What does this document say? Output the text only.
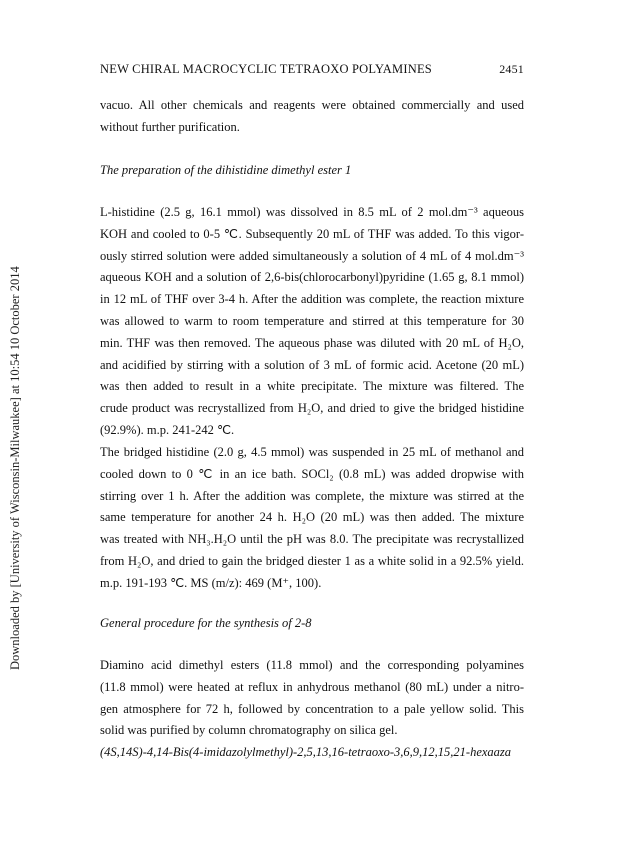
NEW CHIRAL MACROCYCLIC TETRAOXO POLYAMINES	2451
Downloaded by [University of Wisconsin-Milwaukee] at 10:54 10 October 2014
vacuo. All other chemicals and reagents were obtained commercially and used
without further purification.
The preparation of the dihistidine dimethyl ester 1
L-histidine (2.5 g, 16.1 mmol) was dissolved in 8.5 mL of 2 mol.dm⁻³ aqueous
KOH and cooled to 0-5 ℃. Subsequently 20 mL of THF was added. To this vigor-
ously stirred solution were added simultaneously a solution of 4 mL of 4 mol.dm⁻³
aqueous KOH and a solution of 2,6-bis(chlorocarbonyl)pyridine (1.65 g, 8.1 mmol)
in 12 mL of THF over 3-4 h. After the addition was complete, the reaction mixture
was allowed to warm to room temperature and stirred at this temperature for 30
min. THF was then removed. The aqueous phase was diluted with 20 mL of H₂O,
and acidified by stirring with a solution of 3 mL of formic acid. Acetone (20 mL)
was then added to result in a white precipitate. The mixture was filtered. The
crude product was recrystallized from H₂O, and dried to give the bridged histidine
(92.9%). m.p. 241-242 ℃.
The bridged histidine (2.0 g, 4.5 mmol) was suspended in 25 mL of methanol and
cooled down to 0 ℃ in an ice bath. SOCl₂ (0.8 mL) was added dropwise with
stirring over 1 h. After the addition was complete, the mixture was stirred at the
same temperature for another 24 h. H₂O (20 mL) was then added. The mixture
was treated with NH₃.H₂O until the pH was 8.0. The precipitate was recrystallized
from H₂O, and dried to gain the bridged diester 1 as a white solid in a 92.5% yield.
m.p. 191-193 ℃. MS (m/z): 469 (M⁺, 100).
General procedure for the synthesis of 2-8
Diamino acid dimethyl esters (11.8 mmol) and the corresponding polyamines
(11.8 mmol) were heated at reflux in anhydrous methanol (80 mL) under a nitro-
gen atmosphere for 72 h, followed by concentration to a pale yellow solid. This
solid was purified by column chromatography on silica gel.
(4S,14S)-4,14-Bis(4-imidazolylmethyl)-2,5,13,16-tetraoxo-3,6,9,12,15,21-hexaaza
